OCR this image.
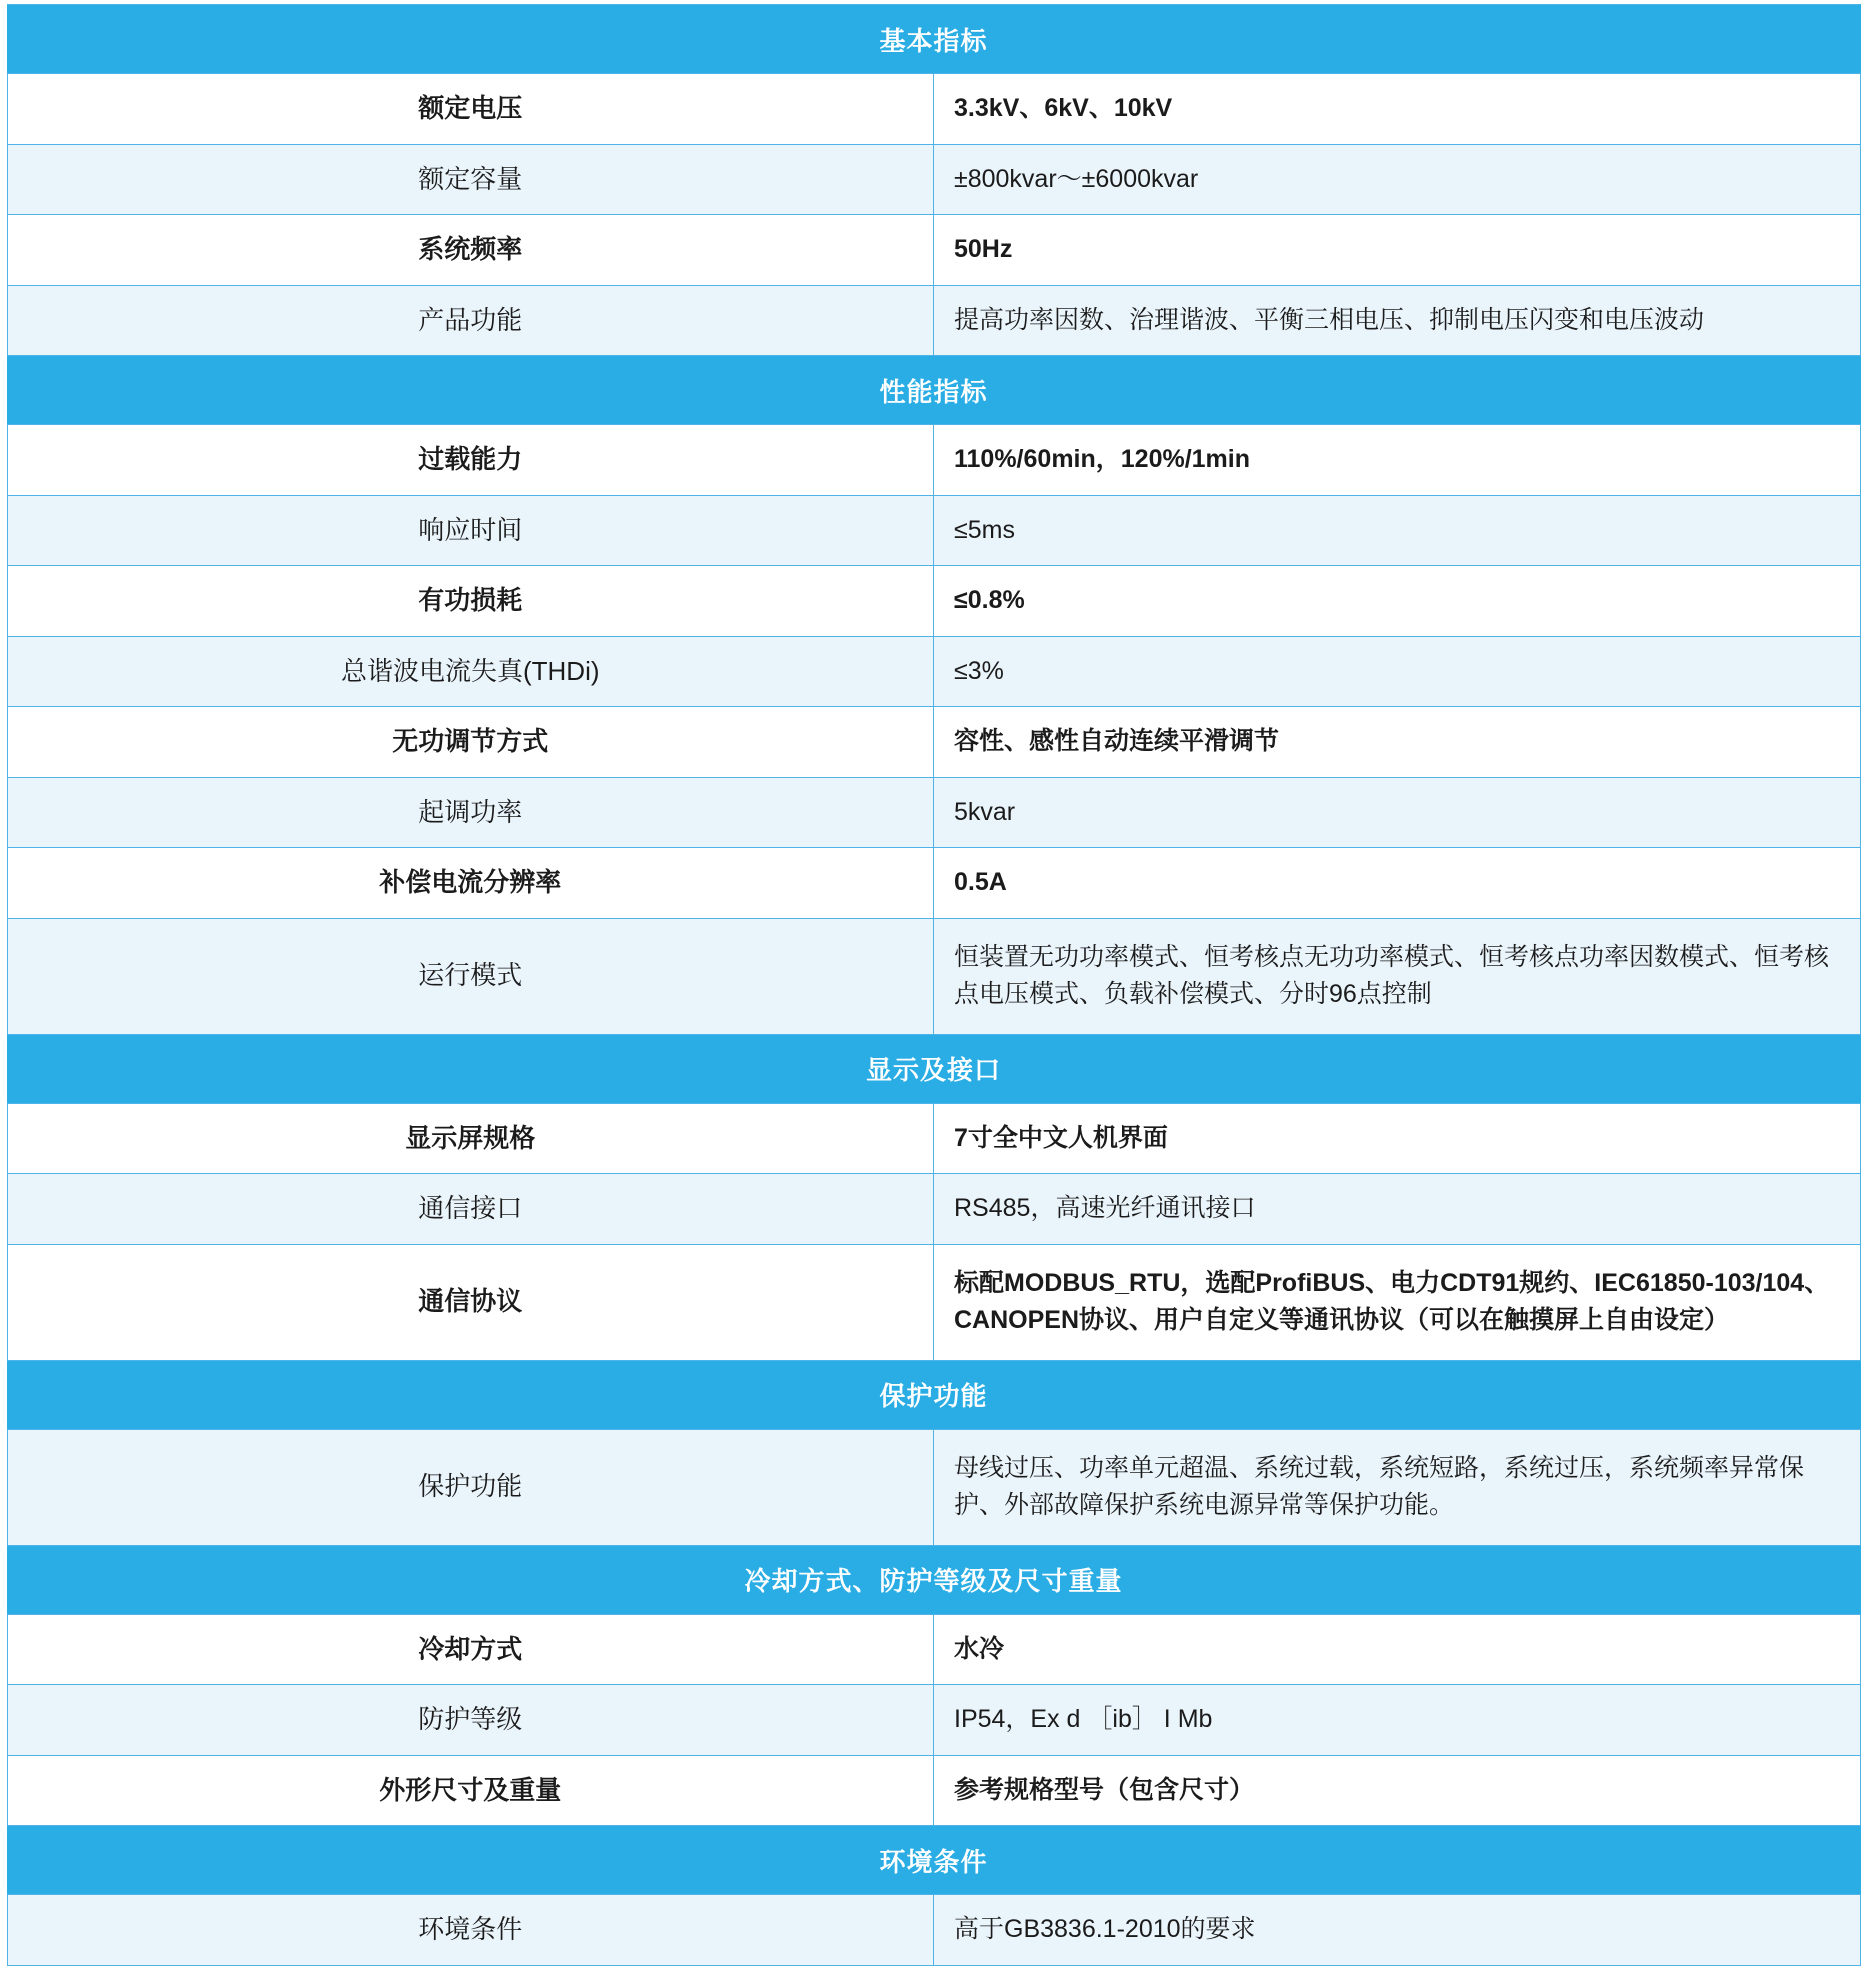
基本指标	
额定电压	3.3kV、6kV、10kV
额定容量	±800kvar～±6000kvar
系统频率	50Hz
产品功能	提高功率因数、治理谐波、平衡三相电压、抑制电压闪变和电压波动
性能指标	
过载能力	110%/60min，120%/1min
响应时间	≤5ms
有功损耗	≤0.8%
总谐波电流失真(THDi)	≤3%
无功调节方式	容性、感性自动连续平滑调节
起调功率	5kvar
补偿电流分辨率	0.5A
运行模式	恒装置无功功率模式、恒考核点无功功率模式、恒考核点功率因数模式、恒考核点电压模式、负载补偿模式、分时96点控制
显示及接口	
显示屏规格	7寸全中文人机界面
通信接口	RS485，高速光纤通讯接口
通信协议	标配MODBUS_RTU，选配ProfiBUS、电力CDT91规约、IEC61850-103/104、CANOPEN协议、用户自定义等通讯协议（可以在触摸屏上自由设定）
保护功能	
保护功能	母线过压、功率单元超温、系统过载，系统短路，系统过压，系统频率异常保护、外部故障保护系统电源异常等保护功能。
冷却方式、防护等级及尺寸重量	
冷却方式	水冷
防护等级	IP54，Ex d ［ib］ I Mb
外形尺寸及重量	参考规格型号（包含尺寸）
环境条件	
环境条件	高于GB3836.1-2010的要求
